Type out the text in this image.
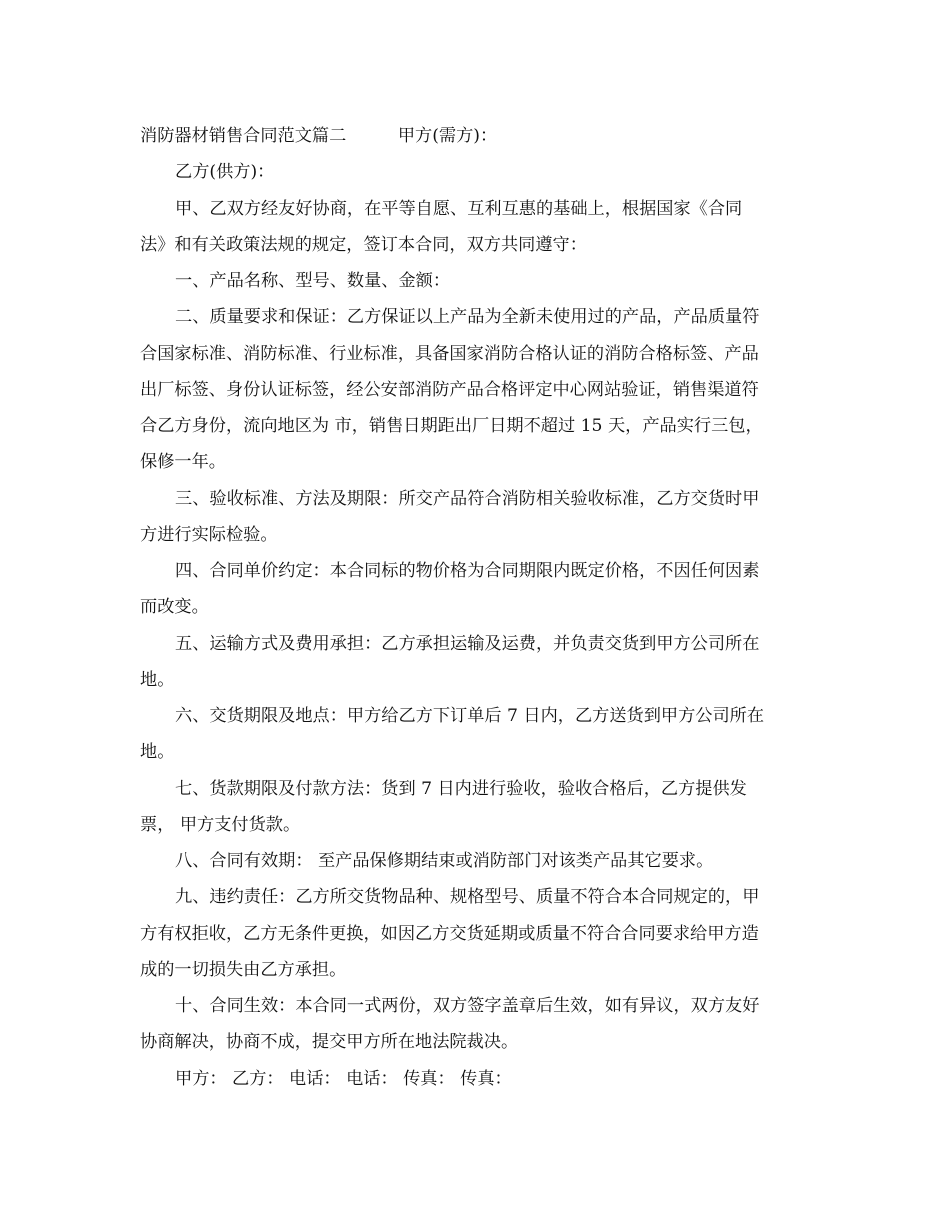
消防器材销售合同范文篇二　　　甲方(需方)：
乙方(供方)：
甲、乙双方经友好协商，在平等自愿、互利互惠的基础上，根据国家《合同
法》和有关政策法规的规定，签订本合同，双方共同遵守：
一、产品名称、型号、数量、金额：
二、质量要求和保证：乙方保证以上产品为全新未使用过的产品，产品质量符
合国家标准、消防标准、行业标准，具备国家消防合格认证的消防合格标签、产品
出厂标签、身份认证标签，经公安部消防产品合格评定中心网站验证，销售渠道符
合乙方身份，流向地区为 市，销售日期距出厂日期不超过 15 天，产品实行三包，
保修一年。
三、验收标准、方法及期限：所交产品符合消防相关验收标准，乙方交货时甲
方进行实际检验。
四、合同单价约定：本合同标的物价格为合同期限内既定价格，不因任何因素
而改变。
五、运输方式及费用承担：乙方承担运输及运费，并负责交货到甲方公司所在
地。
六、交货期限及地点：甲方给乙方下订单后 7 日内，乙方送货到甲方公司所在
地。
七、货款期限及付款方法：货到 7 日内进行验收，验收合格后，乙方提供发
票， 甲方支付货款。
八、合同有效期： 至产品保修期结束或消防部门对该类产品其它要求。
九、违约责任：乙方所交货物品种、规格型号、质量不符合本合同规定的，甲
方有权拒收，乙方无条件更换，如因乙方交货延期或质量不符合合同要求给甲方造
成的一切损失由乙方承担。
十、合同生效：本合同一式两份，双方签字盖章后生效，如有异议，双方友好
协商解决，协商不成，提交甲方所在地法院裁决。
甲方： 乙方： 电话： 电话： 传真： 传真：
